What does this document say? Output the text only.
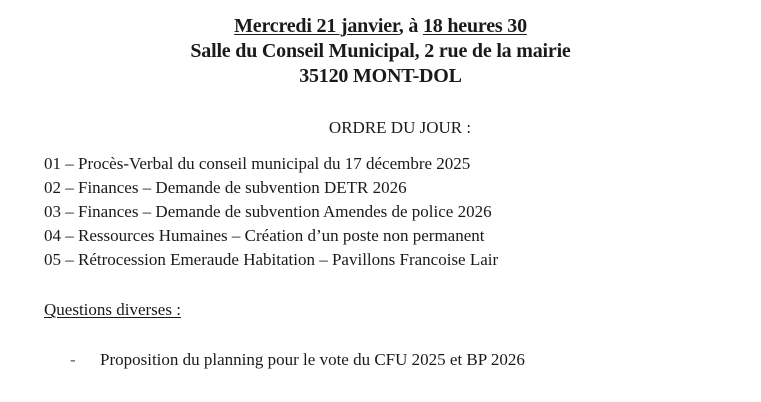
Mercredi 21 janvier, à 18 heures 30
Salle du Conseil Municipal, 2 rue de la mairie
35120 MONT-DOL
ORDRE DU JOUR :
01 – Procès-Verbal du conseil municipal du 17 décembre 2025
02 – Finances – Demande de subvention DETR 2026
03 – Finances – Demande de subvention Amendes de police 2026
04 – Ressources Humaines – Création d’un poste non permanent
05 – Rétrocession Emeraude Habitation – Pavillons Francoise Lair
Questions diverses :
-	Proposition du planning pour le vote du CFU 2025 et BP 2026
